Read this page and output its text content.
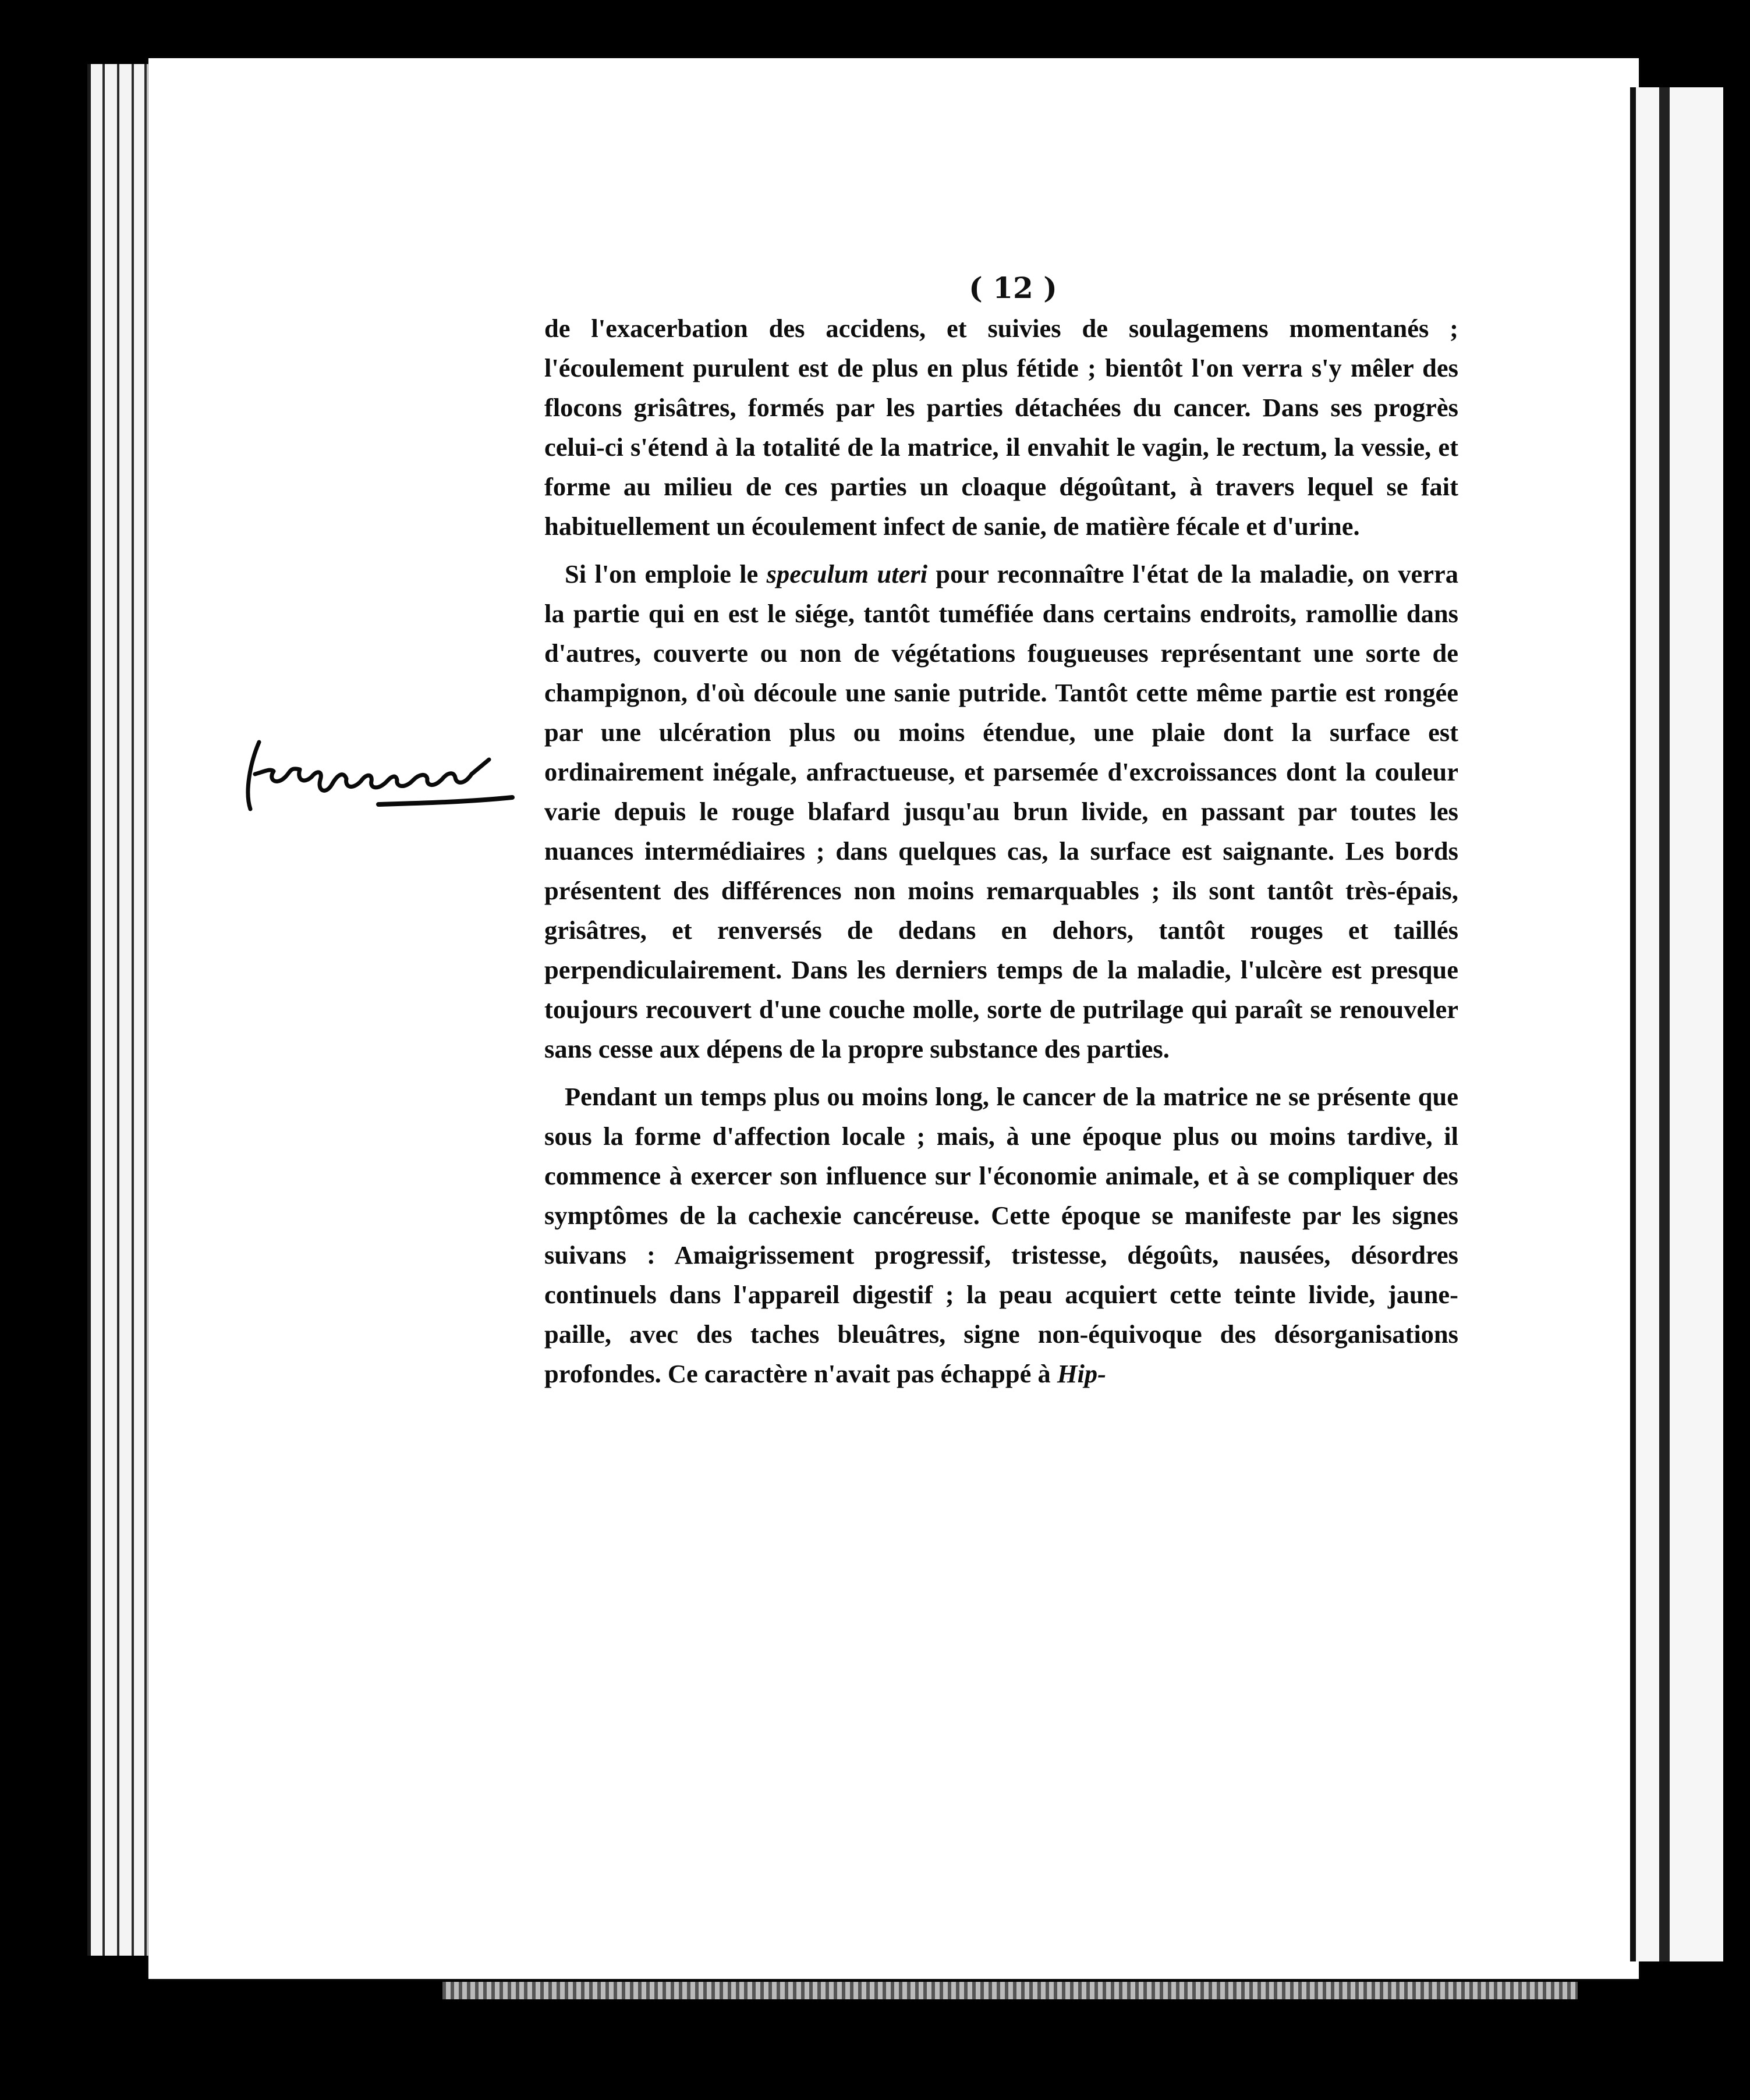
( 12 )

de l'exacerbation des accidens, et suivies de soulagemens momentanés ; l'écoulement purulent est de plus en plus fétide ; bientôt l'on verra s'y mêler des flocons grisâtres, formés par les parties détachées du cancer. Dans ses progrès celui-ci s'étend à la totalité de la matrice, il envahit le vagin, le rectum, la vessie, et forme au milieu de ces parties un cloaque dégoûtant, à travers lequel se fait habituellement un écoulement infect de sanie, de matière fécale et d'urine.

Si l'on emploie le speculum uteri pour reconnaître l'état de la maladie, on verra la partie qui en est le siége, tantôt tuméfiée dans certains endroits, ramollie dans d'autres, couverte ou non de végétations fougueuses représentant une sorte de champignon, d'où découle une sanie putride. Tantôt cette même partie est rongée par une ulcération plus ou moins étendue, une plaie dont la surface est ordinairement inégale, anfractueuse, et parsemée d'excroissances dont la couleur varie depuis le rouge blafard jusqu'au brun livide, en passant par toutes les nuances intermédiaires ; dans quelques cas, la surface est saignante. Les bords présentent des différences non moins remarquables ; ils sont tantôt très-épais, grisâtres, et renversés de dedans en dehors, tantôt rouges et taillés perpendiculairement. Dans les derniers temps de la maladie, l'ulcère est presque toujours recouvert d'une couche molle, sorte de putrilage qui paraît se renouveler sans cesse aux dépens de la propre substance des parties.

Pendant un temps plus ou moins long, le cancer de la matrice ne se présente que sous la forme d'affection locale ; mais, à une époque plus ou moins tardive, il commence à exercer son influence sur l'économie animale, et à se compliquer des symptômes de la cachexie cancéreuse. Cette époque se manifeste par les signes suivans : Amaigrissement progressif, tristesse, dégoûts, nausées, désordres continuels dans l'appareil digestif ; la peau acquiert cette teinte livide, jaune-paille, avec des taches bleuâtres, signe non-équivoque des désorganisations profondes. Ce caractère n'avait pas échappé à Hip-
